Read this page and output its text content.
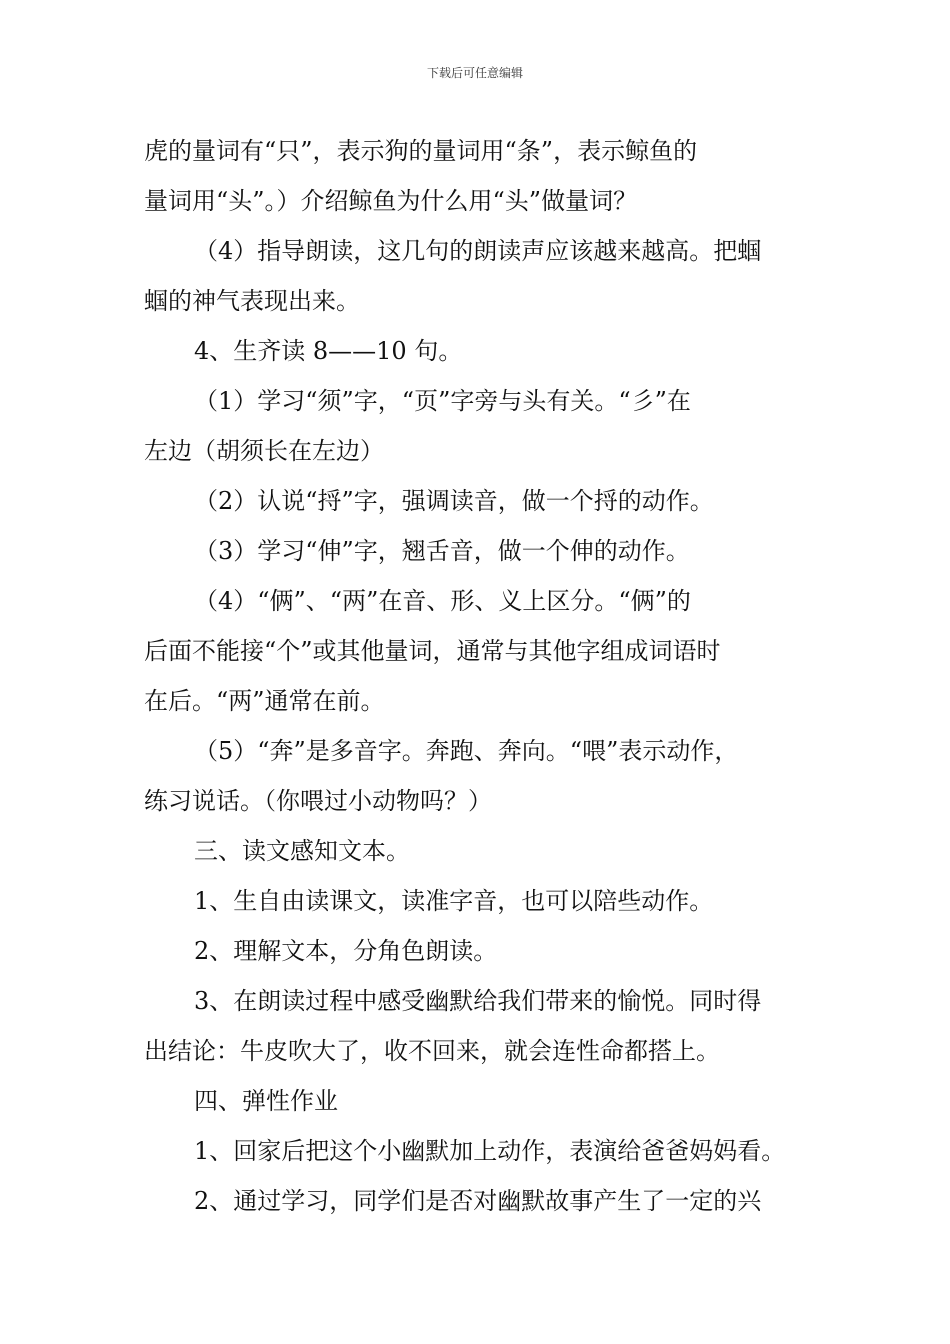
下载后可任意编辑
虎的量词有“只”，表示狗的量词用“条”，表示鲸鱼的
量词用“头”。）介绍鲸鱼为什么用“头”做量词？
（4）指导朗读，这几句的朗读声应该越来越高。把蝈
蝈的神气表现出来。
4、生齐读 8——10 句。
（1）学习“须”字，“页”字旁与头有关。“彡”在
左边（胡须长在左边）
（2）认说“捋”字，强调读音，做一个捋的动作。
（3）学习“伸”字，翘舌音，做一个伸的动作。
（4）“俩”、“两”在音、形、义上区分。“俩”的
后面不能接“个”或其他量词，通常与其他字组成词语时
在后。“两”通常在前。
（5）“奔”是多音字。奔跑、奔向。“喂”表示动作，
练习说话。（你喂过小动物吗？）
三、读文感知文本。
1、生自由读课文，读准字音，也可以陪些动作。
2、理解文本，分角色朗读。
3、在朗读过程中感受幽默给我们带来的愉悦。同时得
出结论：牛皮吹大了，收不回来，就会连性命都搭上。
四、弹性作业
1、回家后把这个小幽默加上动作，表演给爸爸妈妈看。
2、通过学习，同学们是否对幽默故事产生了一定的兴
